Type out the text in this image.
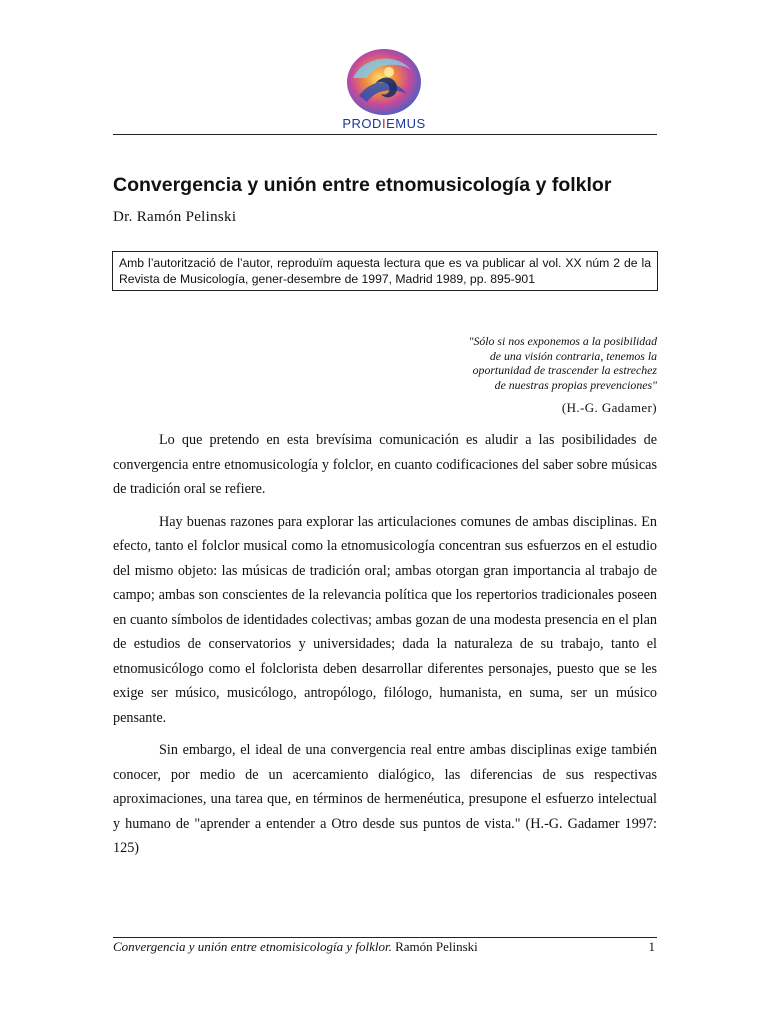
PRODIEMUS
Convergencia y unión entre etnomusicología y folklor
Dr. Ramón Pelinski
Amb l’autorització de l’autor, reproduïm aquesta lectura que es va publicar al vol. XX núm 2 de la Revista de Musicología, gener-desembre de 1997, Madrid 1989, pp. 895-901
"Sólo si nos exponemos a la posibilidad
de una visión contraria, tenemos la
oportunidad de trascender la estrechez
de nuestras propias prevenciones"
(H.-G. Gadamer)

Lo que pretendo en esta brevísima comunicación es aludir a las posibilidades de convergencia entre etnomusicología y folclor, en cuanto codificaciones del saber sobre músicas de tradición oral se refiere.

Hay buenas razones para explorar las articulaciones comunes de ambas disciplinas. En efecto, tanto el folclor musical como la etnomusicología concentran sus esfuerzos en el estudio del mismo objeto: las músicas de tradición oral; ambas otorgan gran importancia al trabajo de campo; ambas son conscientes de la relevancia política que los repertorios tradicionales poseen en cuanto símbolos de identidades colectivas; ambas gozan de una modesta presencia en el plan de estudios de conservatorios y universidades; dada la naturaleza de su trabajo, tanto el etnomusicólogo como el folclorista deben desarrollar diferentes personajes, puesto que se les exige ser músico, musicólogo, antropólogo, filólogo, humanista, en suma, ser un músico pensante.

Sin embargo, el ideal de una convergencia real entre ambas disciplinas exige también conocer, por medio de un acercamiento dialógico, las diferencias de sus respectivas aproximaciones, una tarea que, en términos de hermenéutica, presupone el esfuerzo intelectual y humano de "aprender a entender a Otro desde sus puntos de vista." (H.-G. Gadamer 1997: 125)

Convergencia y unión entre etnomisicología y folklor. Ramón Pelinski	1
